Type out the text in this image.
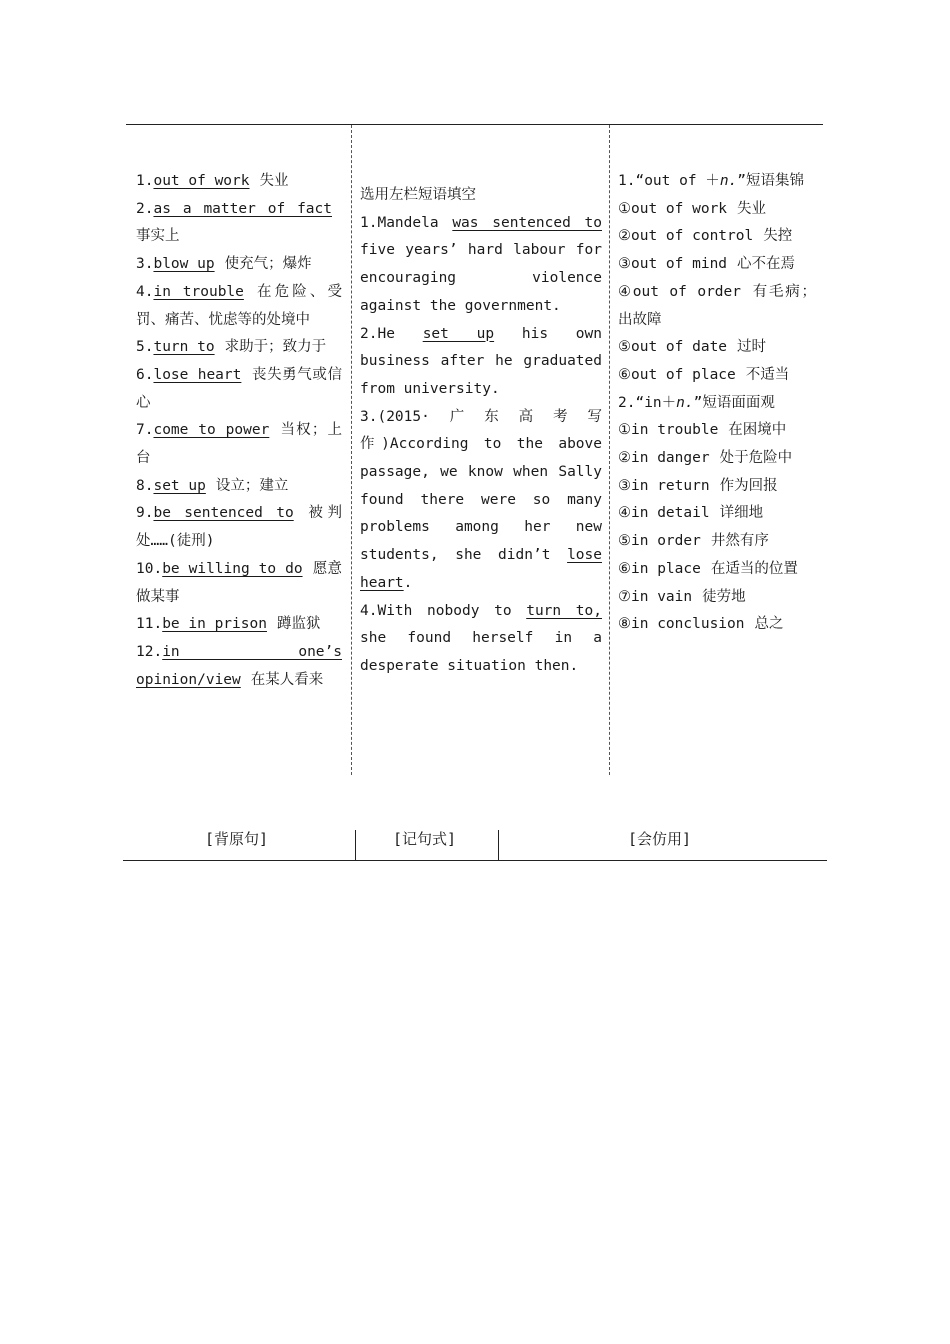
1.out of work 失业
2.as a matter of fact事实上
3.blow up 使充气；爆炸
4.in trouble 在危险、受罚、痛苦、忧虑等的处境中
5.turn to 求助于；致力于
6.lose heart 丧失勇气或信心
7.come to power 当权；上台
8.set up 设立；建立
9.be sentenced to 被判处……(徒刑)
10.be willing to do 愿意做某事
11.be in prison 蹲监狱
12.in one’s opinion/view 在某人看来
选用左栏短语填空
1.Mandela was sentenced to five years’ hard labour for encouraging violence against the government.
2.He set up his own business after he graduated from university.
3.(2015·广东高考写作)According to the above passage, we know when Sally found there were so many problems among her new students, she didn’t lose heart.
4.With nobody to turn to, she found herself in a desperate situation then.
1.“out of ＋n.”短语集锦
①out of work 失业
②out of control 失控
③out of mind 心不在焉
④out of order 有毛病；出故障
⑤out of date 过时
⑥out of place 不适当
2.“in＋n.”短语面面观
①in trouble 在困境中
②in danger 处于危险中
③in return 作为回报
④in detail 详细地
⑤in order 井然有序
⑥in place 在适当的位置
⑦in vain 徒劳地
⑧in conclusion 总之
[背原句]	[记句式]	[会仿用]
